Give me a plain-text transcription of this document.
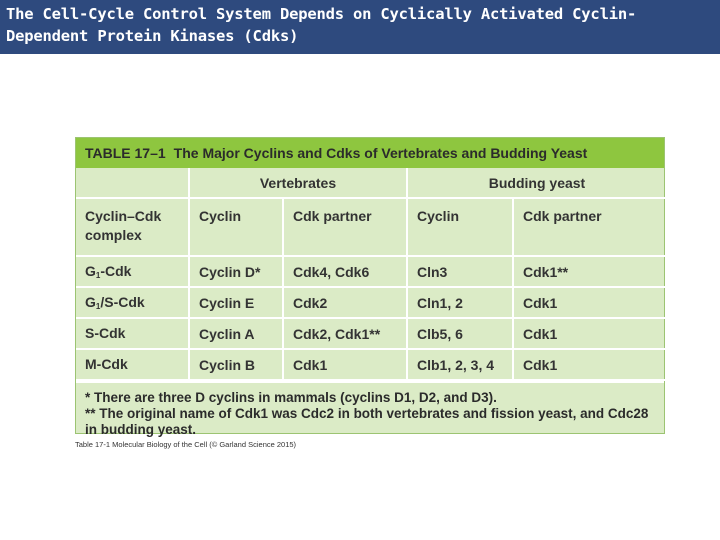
The Cell-Cycle Control System Depends on Cyclically Activated Cyclin-
Dependent Protein Kinases (Cdks)
TABLE 17–1 The Major Cyclins and Cdks of Vertebrates and Budding Yeast
	Vertebrates		Budding yeast	

Cyclin–Cdk
complex	Cyclin	Cdk partner	Cyclin	Cdk partner
$G_1$-Cdk	Cyclin D*	Cdk4, Cdk6	Cln3	Cdk1**
$G_1/S$-Cdk	Cyclin E	Cdk2	Cln1, 2	Cdk1
S-Cdk	Cyclin A	Cdk2, Cdk1**	Clb5, 6	Cdk1
M-Cdk	Cyclin B	Cdk1	Clb1, 2, 3, 4	Cdk1
* There are three D cyclins in mammals (cyclins D1, D2, and D3).
** The original name of Cdk1 was Cdc2 in both vertebrates and fission yeast, and Cdc28 in budding yeast.
Table 17-1 Molecular Biology of the Cell (© Garland Science 2015)
